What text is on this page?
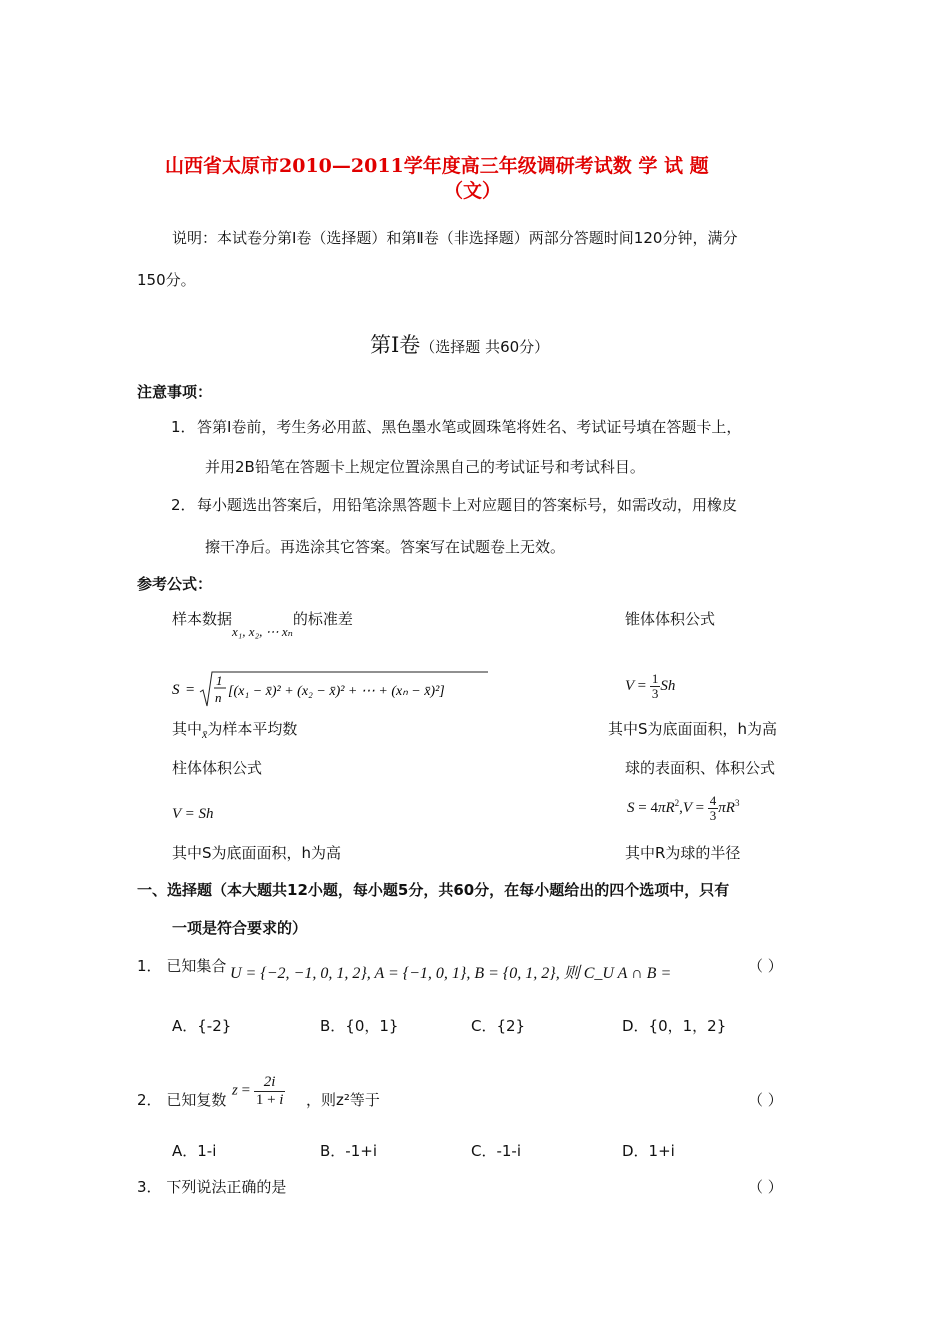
山西省太原市2010—2011学年度高三年级调研考试数 学 试 题
（文）
说明：本试卷分第Ⅰ卷（选择题）和第Ⅱ卷（非选择题）两部分答题时间120分钟，满分
150分。
第Ⅰ卷（选择题 共60分）
注意事项：
1． 答第Ⅰ卷前，考生务必用蓝、黑色墨水笔或圆珠笔将姓名、考试证号填在答题卡上，
并用2B铅笔在答题卡上规定位置涂黑自己的考试证号和考试科目。
2． 每小题选出答案后，用铅笔涂黑答题卡上对应题目的答案标号，如需改动，用橡皮
擦干净后。再选涂其它答案。答案写在试题卷上无效。
参考公式：
样本数据x₁, x₂, ⋯ xₙ的标准差	锥体体积公式
S =
1
n [(x₁ − x̄)² + (x₂ − x̄)² + ⋯ + (xₙ − x̄)²]	$V = \frac{1}{3}$ Sh
其中$_{x̄}$为样本平均数	其中S为底面面积，h为高
柱体体积公式	球的表面积、体积公式
V = Sh	$S = 4\pi R^2,V = \frac{4}{3} \pi R^3$
其中S为底面面积，h为高	其中R为球的半径
一、选择题（本大题共12小题，每小题5分，共60分，在每小题给出的四个选项中，只有
一项是符合要求的）
1． 已知集合 U = {−2, −1, 0, 1, 2}, A = {−1, 0, 1}, B = {0, 1, 2}, 则 C_U A ∩ B =	（ ）
A．{-2}	B．{0，1}	C．{2}	D．{0，1，2}
2． 已知复数
$z = \frac{2i}{1 + i}$ ，则z²等于	（ ）
A．1-i	B．-1+i	C．-1-i	D．1+i
3． 下列说法正确的是	（ ）
